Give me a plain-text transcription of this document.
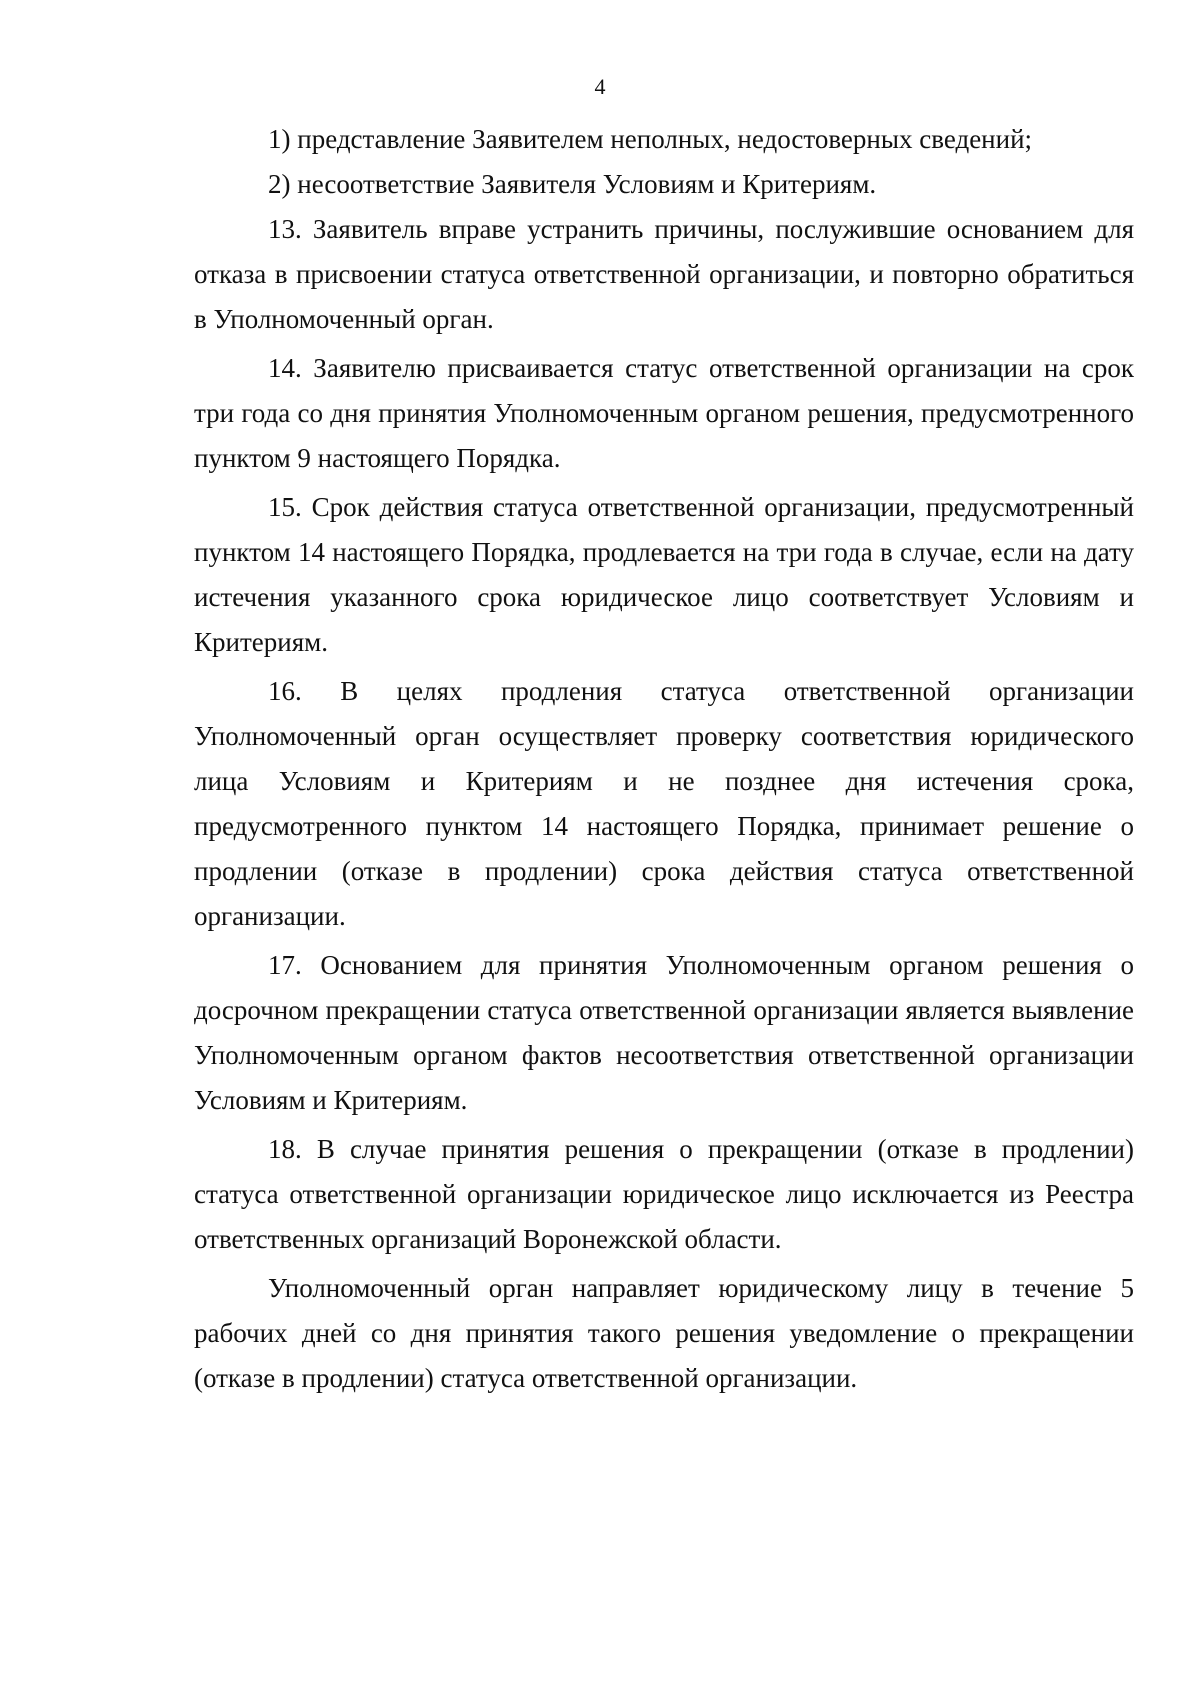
4

1) представление Заявителем неполных, недостоверных сведений;

2) несоответствие Заявителя Условиям и Критериям.

13. Заявитель вправе устранить причины, послужившие основанием для отказа в присвоении статуса ответственной организации, и повторно обратиться в Уполномоченный орган.

14. Заявителю присваивается статус ответственной организации на срок три года со дня принятия Уполномоченным органом решения, предусмотренного пунктом 9 настоящего Порядка.

15. Срок действия статуса ответственной организации, предусмотренный пунктом 14 настоящего Порядка, продлевается на три года в случае, если на дату истечения указанного срока юридическое лицо соответствует Условиям и Критериям.

16. В целях продления статуса ответственной организации Уполномоченный орган осуществляет проверку соответствия юридического лица Условиям и Критериям и не позднее дня истечения срока, предусмотренного пунктом 14 настоящего Порядка, принимает решение о продлении (отказе в продлении) срока действия статуса ответственной организации.

17. Основанием для принятия Уполномоченным органом решения о досрочном прекращении статуса ответственной организации является выявление Уполномоченным органом фактов несоответствия ответственной организации Условиям и Критериям.

18. В случае принятия решения о прекращении (отказе в продлении) статуса ответственной организации юридическое лицо исключается из Реестра ответственных организаций Воронежской области.

Уполномоченный орган направляет юридическому лицу в течение 5 рабочих дней со дня принятия такого решения уведомление о прекращении (отказе в продлении) статуса ответственной организации.
